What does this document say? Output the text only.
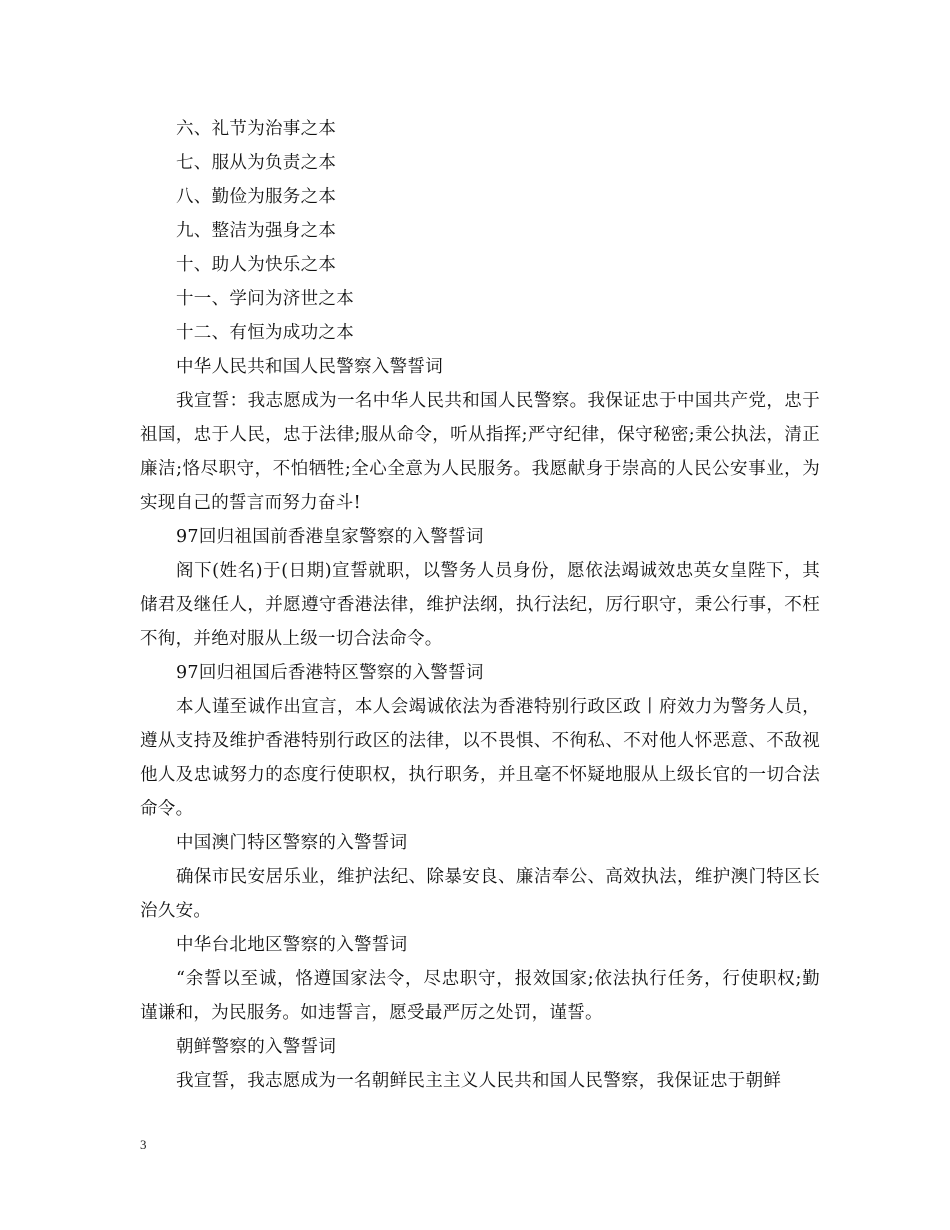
六、礼节为治事之本

七、服从为负责之本

八、勤俭为服务之本

九、整洁为强身之本

十、助人为快乐之本

十一、学问为济世之本

十二、有恒为成功之本

中华人民共和国人民警察入警誓词

我宣誓：我志愿成为一名中华人民共和国人民警察。我保证忠于中国共产党，忠于祖国，忠于人民，忠于法律;服从命令，听从指挥;严守纪律，保守秘密;秉公执法，清正廉洁;恪尽职守，不怕牺牲;全心全意为人民服务。我愿献身于崇高的人民公安事业，为实现自己的誓言而努力奋斗!

97回归祖国前香港皇家警察的入警誓词

阁下(姓名)于(日期)宣誓就职，以警务人员身份，愿依法竭诚效忠英女皇陛下，其储君及继任人，并愿遵守香港法律，维护法纲，执行法纪，厉行职守，秉公行事，不枉不徇，并绝对服从上级一切合法命令。

97回归祖国后香港特区警察的入警誓词

本人谨至诚作出宣言，本人会竭诚依法为香港特别行政区政丨府效力为警务人员，遵从支持及维护香港特别行政区的法律，以不畏惧、不徇私、不对他人怀恶意、不敌视他人及忠诚努力的态度行使职权，执行职务，并且毫不怀疑地服从上级长官的一切合法命令。

中国澳门特区警察的入警誓词

确保市民安居乐业，维护法纪、除暴安良、廉洁奉公、高效执法，维护澳门特区长治久安。

中华台北地区警察的入警誓词

“余誓以至诚，恪遵国家法令，尽忠职守，报效国家;依法执行任务，行使职权;勤谨谦和，为民服务。如违誓言，愿受最严厉之处罚，谨誓。

朝鲜警察的入警誓词

我宣誓，我志愿成为一名朝鲜民主主义人民共和国人民警察，我保证忠于朝鲜

3
